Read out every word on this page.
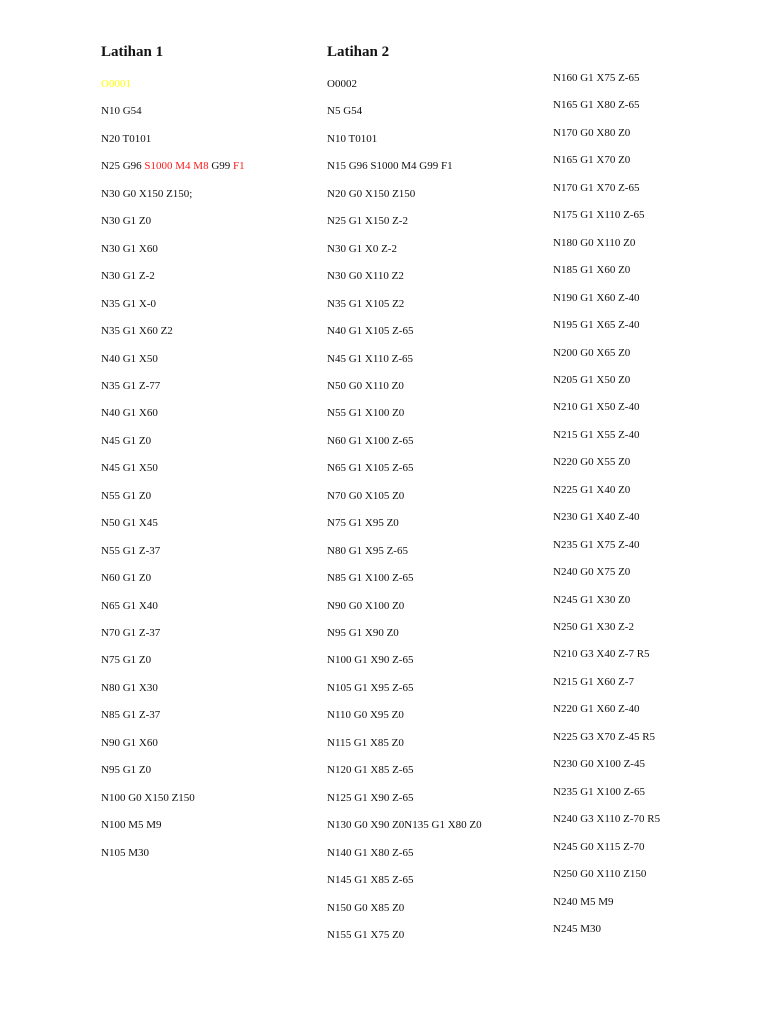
Latihan 1
O0001
N10 G54
N20 T0101
N25 G96 S1000 M4 M8 G99 F1
N30 G0 X150 Z150;
N30 G1 Z0
N30 G1 X60
N30 G1 Z-2
N35 G1 X-0
N35 G1 X60 Z2
N40 G1 X50
N35 G1 Z-77
N40 G1 X60
N45 G1 Z0
N45 G1 X50
N55 G1 Z0
N50 G1 X45
N55 G1 Z-37
N60 G1 Z0
N65 G1 X40
N70 G1 Z-37
N75 G1 Z0
N80 G1 X30
N85 G1 Z-37
N90 G1 X60
N95 G1 Z0
N100 G0 X150 Z150
N100 M5 M9
N105 M30
Latihan 2
O0002
N5 G54
N10 T0101
N15 G96 S1000 M4 G99 F1
N20 G0 X150 Z150
N25 G1 X150 Z-2
N30 G1 X0 Z-2
N30 G0 X110 Z2
N35 G1 X105 Z2
N40 G1 X105 Z-65
N45 G1 X110 Z-65
N50 G0 X110 Z0
N55 G1 X100 Z0
N60 G1 X100 Z-65
N65 G1 X105 Z-65
N70 G0 X105 Z0
N75 G1 X95 Z0
N80 G1 X95 Z-65
N85 G1 X100 Z-65
N90 G0 X100 Z0
N95 G1 X90 Z0
N100 G1 X90 Z-65
N105 G1 X95 Z-65
N110 G0 X95 Z0
N115 G1 X85 Z0
N120 G1 X85 Z-65
N125 G1 X90 Z-65
N130 G0 X90 Z0N135 G1 X80 Z0
N140 G1 X80 Z-65
N145 G1 X85 Z-65
N150 G0 X85 Z0
N155 G1 X75 Z0
N160 G1 X75 Z-65
N165 G1 X80 Z-65
N170 G0 X80 Z0
N165 G1 X70 Z0
N170 G1 X70 Z-65
N175 G1 X110 Z-65
N180 G0 X110 Z0
N185 G1 X60 Z0
N190 G1 X60 Z-40
N195 G1 X65 Z-40
N200 G0 X65 Z0
N205 G1 X50 Z0
N210 G1 X50 Z-40
N215 G1 X55 Z-40
N220 G0 X55 Z0
N225 G1 X40 Z0
N230 G1 X40 Z-40
N235 G1 X75 Z-40
N240 G0 X75 Z0
N245 G1 X30 Z0
N250 G1 X30 Z-2
N210 G3 X40 Z-7 R5
N215 G1 X60 Z-7
N220 G1 X60 Z-40
N225 G3 X70 Z-45 R5
N230 G0 X100 Z-45
N235 G1 X100 Z-65
N240 G3 X110 Z-70 R5
N245 G0 X115 Z-70
N250 G0 X110 Z150
N240 M5 M9
N245 M30
